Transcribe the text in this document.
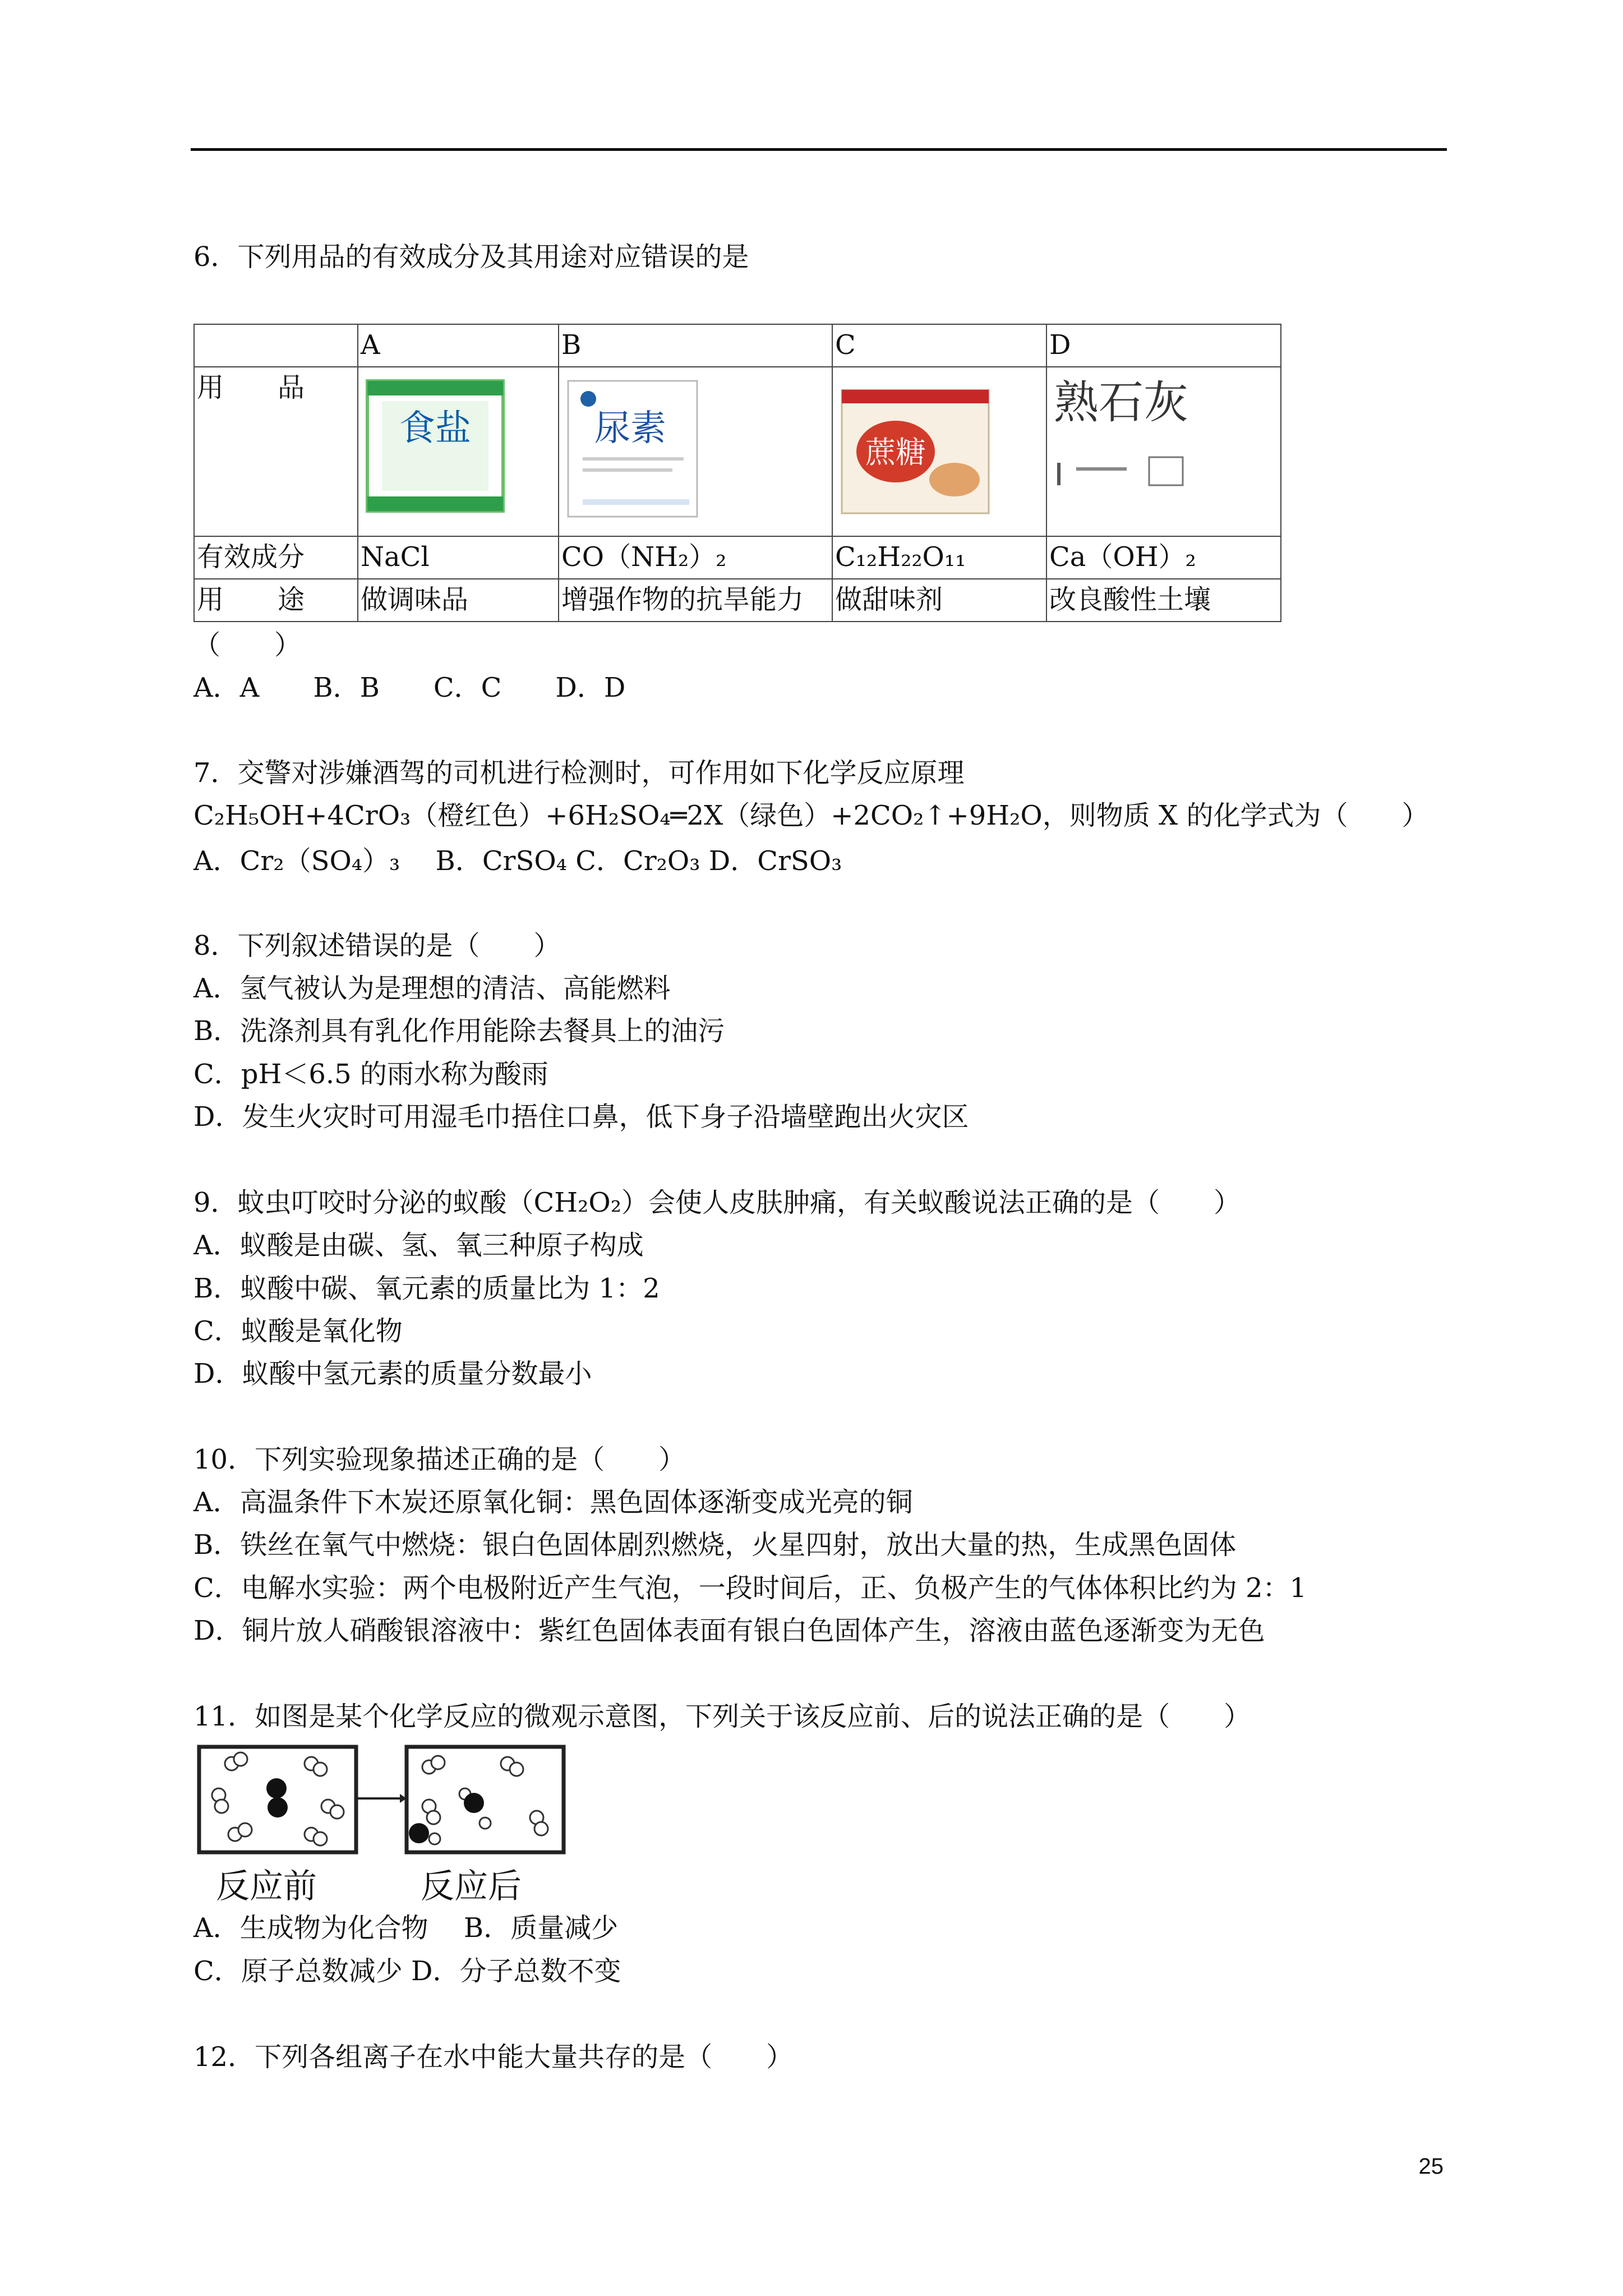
6．下列用品的有效成分及其用途对应错误的是
	A	B	C	D
用　　品	食盐	尿素	蔗糖	熟石灰

有效成分	NaCl	CO（NH₂）₂	C₁₂H₂₂O₁₁	Ca（OH）₂
用　　途	做调味品	增强作物的抗旱能力	做甜味剂	改良酸性土壤
（　　）
A．A　　B．B　　C．C　　D．D
7．交警对涉嫌酒驾的司机进行检测时，可作用如下化学反应原理
C₂H₅OH+4CrO₃（橙红色）+6H₂SO₄═2X（绿色）+2CO₂↑+9H₂O，则物质 X 的化学式为（　　）
A．Cr₂（SO₄）₃　 B．CrSO₄ C．Cr₂O₃ D．CrSO₃
8．下列叙述错误的是（　　）
A．氢气被认为是理想的清洁、高能燃料
B．洗涤剂具有乳化作用能除去餐具上的油污
C．pH＜6.5 的雨水称为酸雨
D．发生火灾时可用湿毛巾捂住口鼻，低下身子沿墙壁跑出火灾区
9．蚊虫叮咬时分泌的蚁酸（CH₂O₂）会使人皮肤肿痛，有关蚁酸说法正确的是（　　）
A．蚁酸是由碳、氢、氧三种原子构成
B．蚁酸中碳、氧元素的质量比为 1：2
C．蚁酸是氧化物
D．蚁酸中氢元素的质量分数最小
10．下列实验现象描述正确的是（　　）
A．高温条件下木炭还原氧化铜：黑色固体逐渐变成光亮的铜
B．铁丝在氧气中燃烧：银白色固体剧烈燃烧，火星四射，放出大量的热，生成黑色固体
C．电解水实验：两个电极附近产生气泡，一段时间后，正、负极产生的气体体积比约为 2：1
D．铜片放人硝酸银溶液中：紫红色固体表面有银白色固体产生，溶液由蓝色逐渐变为无色
11．如图是某个化学反应的微观示意图，下列关于该反应前、后的说法正确的是（　　）
反应前	反应后
A．生成物为化合物　 B．质量减少
C．原子总数减少 D．分子总数不变
12．下列各组离子在水中能大量共存的是（　　）
25
